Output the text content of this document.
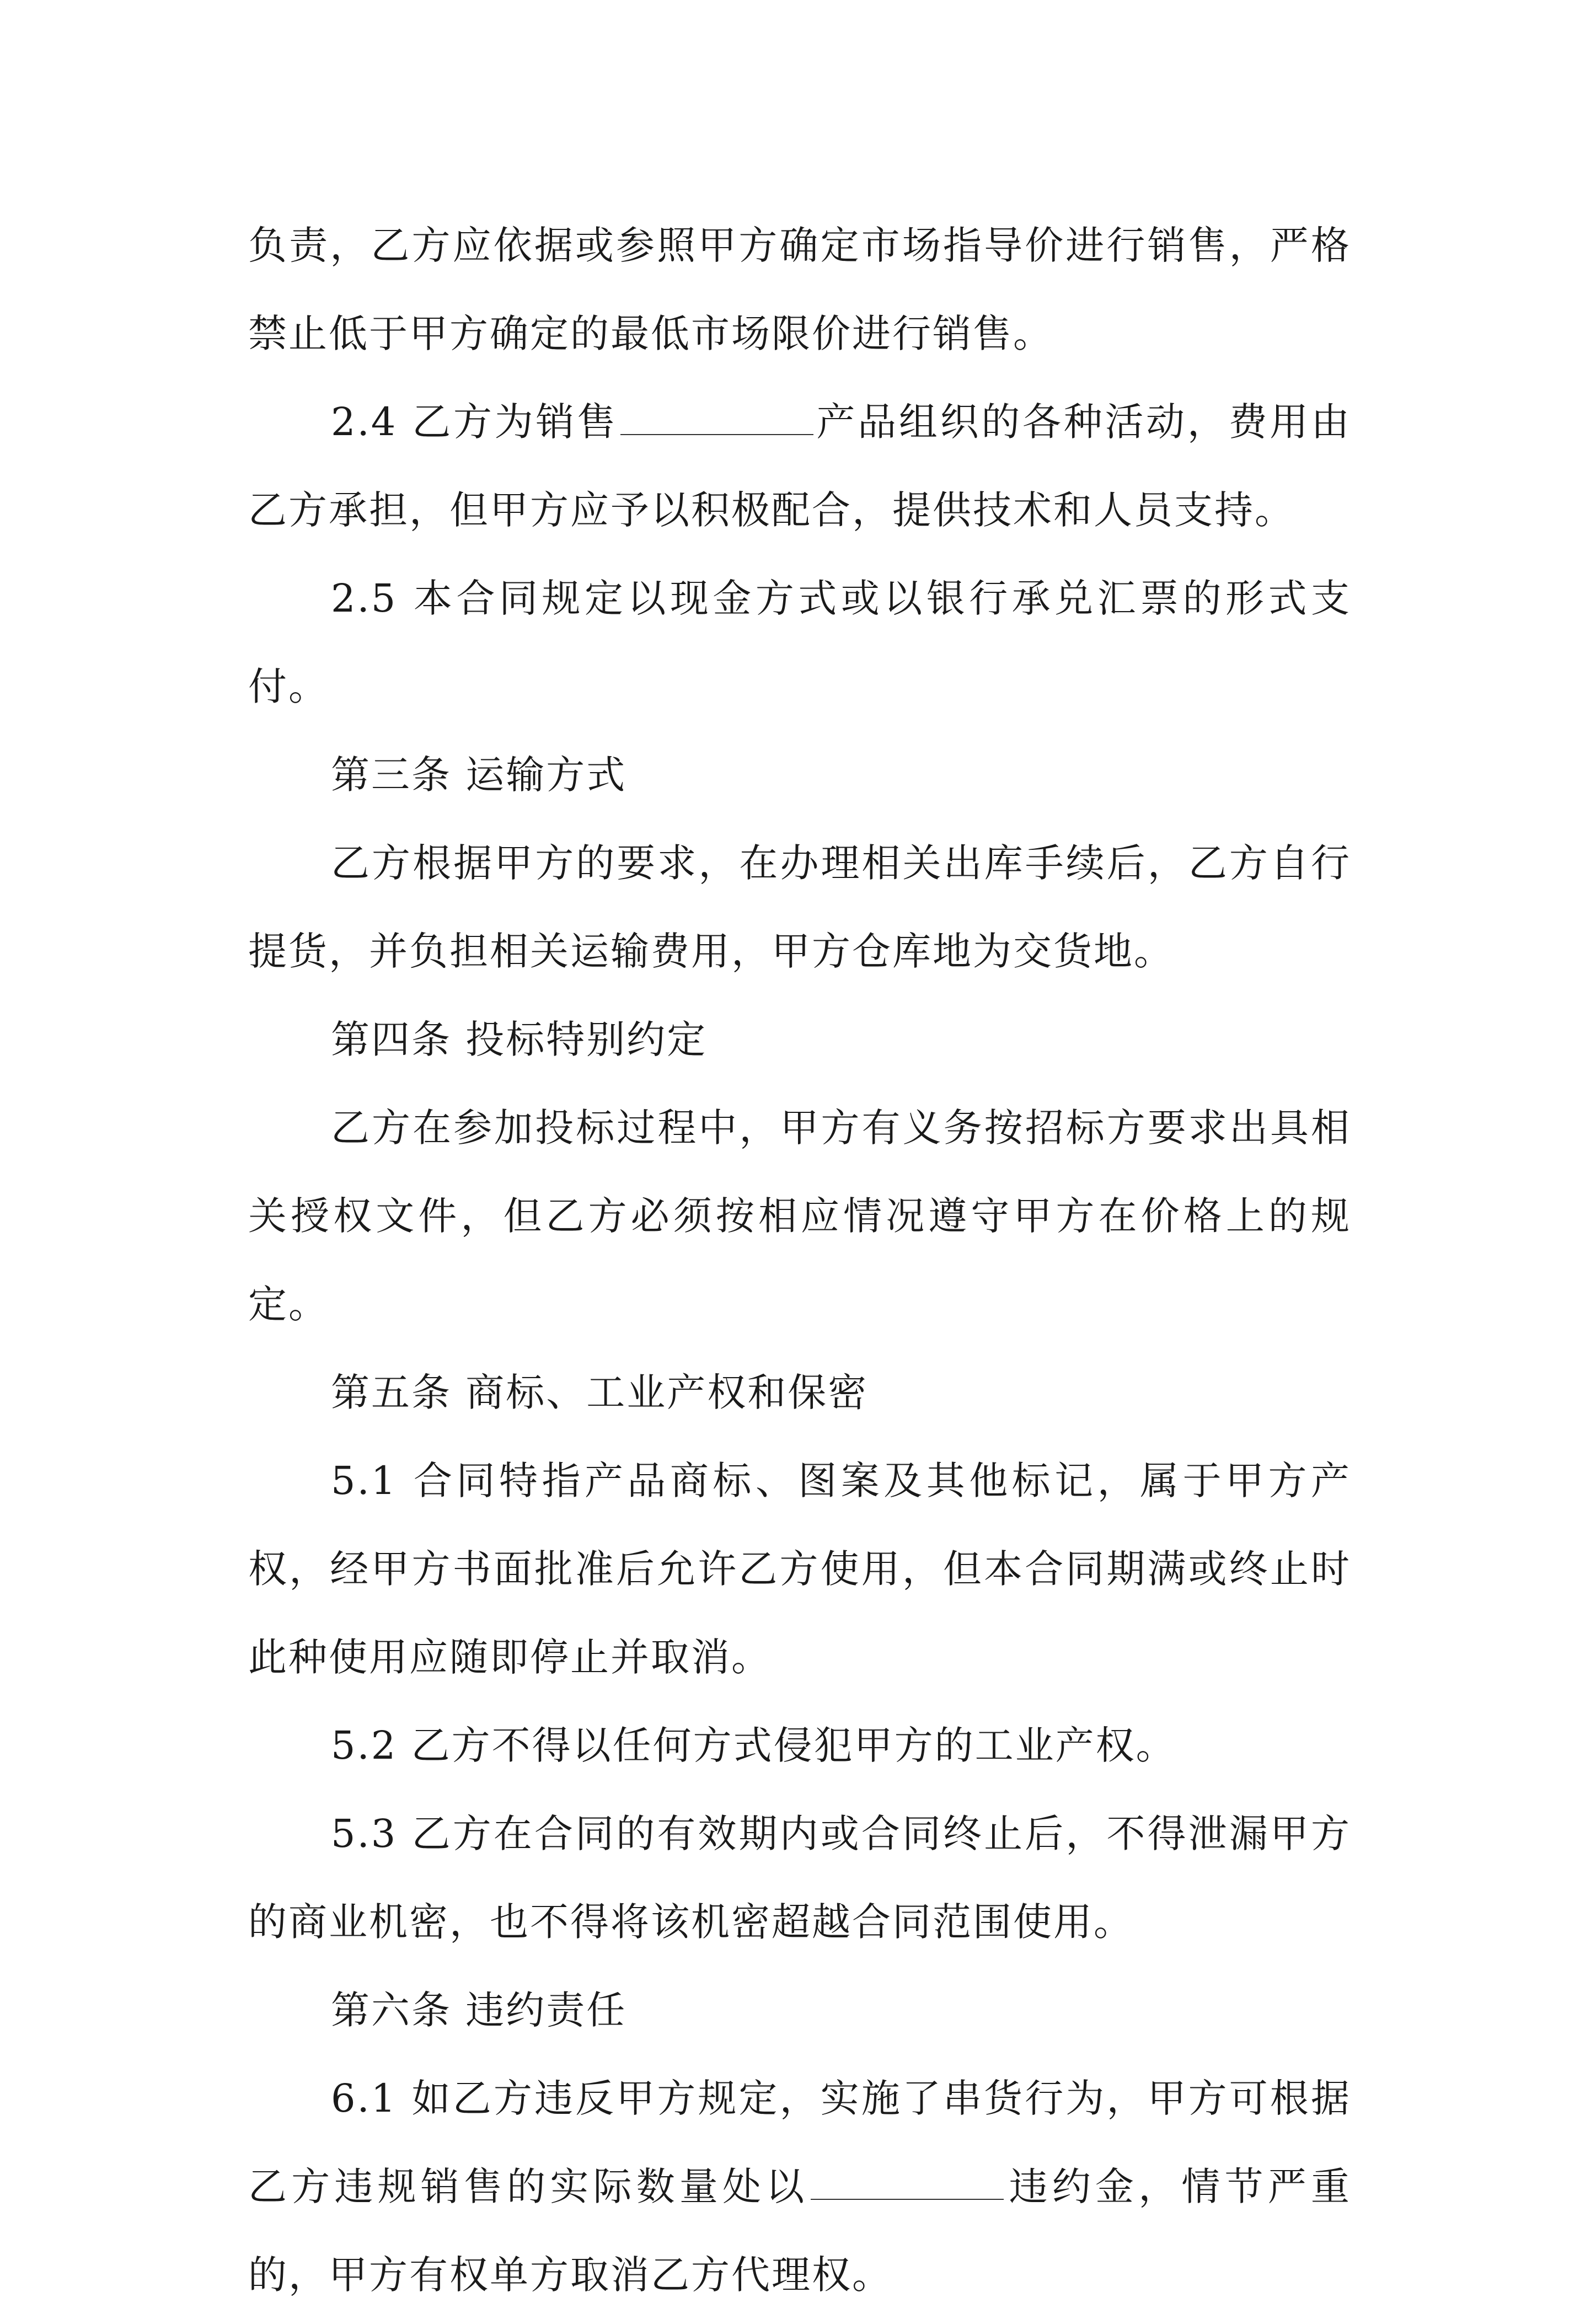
负责，乙方应依据或参照甲方确定市场指导价进行销售，严格禁止低于甲方确定的最低市场限价进行销售。

2.4 乙方为销售	产品组织的各种活动，费用由乙方承担，但甲方应予以积极配合，提供技术和人员支持。

2.5 本合同规定以现金方式或以银行承兑汇票的形式支付。

第三条 运输方式

乙方根据甲方的要求，在办理相关出库手续后，乙方自行提货，并负担相关运输费用，甲方仓库地为交货地。

第四条 投标特别约定

乙方在参加投标过程中，甲方有义务按招标方要求出具相关授权文件，但乙方必须按相应情况遵守甲方在价格上的规定。

第五条 商标、工业产权和保密

5.1 合同特指产品商标、图案及其他标记，属于甲方产权，经甲方书面批准后允许乙方使用，但本合同期满或终止时此种使用应随即停止并取消。

5.2 乙方不得以任何方式侵犯甲方的工业产权。

5.3 乙方在合同的有效期内或合同终止后，不得泄漏甲方的商业机密，也不得将该机密超越合同范围使用。

第六条 违约责任

6.1 如乙方违反甲方规定，实施了串货行为，甲方可根据乙方违规销售的实际数量处以	违约金，情节严重的，甲方有权单方取消乙方代理权。
